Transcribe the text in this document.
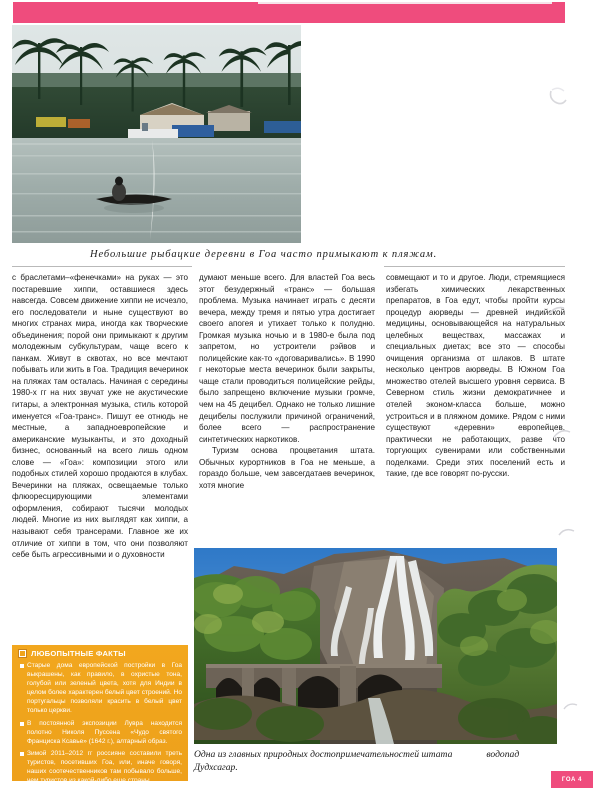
Небольшие рыбацкие деревни в Гоа часто примыкают к пляжам.

с браслетами–«фенечками» на руках — это постаревшие хиппи, оставшиеся здесь навсегда. Совсем движение хиппи не исчезло, его последователи и ныне существуют во многих странах мира, иногда как творческие объединения; порой они примыкают к другим молодежным субкультурам, чаще всего к панкам. Живут в сквотах, но все мечтают побывать или жить в Гоа. Традиция вечеринок на пляжах там осталась. Начиная с середины 1980-х гг на них звучат уже не акустические гитары, а электронная музыка, стиль которой именуется «Гоа-транс». Пишут ее отнюдь не местные, а западноевропейские и американские музыканты, и это доходный бизнес, основанный на всего лишь одном слове — «Гоа»: композиции этого или подобных стилей хорошо продаются в клубах. Вечеринки на пляжах, освещаемые только флюоресцирующими элементами оформления, собирают тысячи молодых людей. Многие из них выглядят как хиппи, а называют себя трансерами. Главное же их отличие от хиппи в том, что они позволяют себе быть агрессивными и о духовности

думают меньше всего. Для властей Гоа весь этот безудержный «транс» — большая проблема. Музыка начинает играть с десяти вечера, между тремя и пятью утра достигает своего апогея и утихает только к полудню. Громкая музыка ночью и в 1980-е была под запретом, но устроители рэйвов и полицейские как-то «договаривались». В 1990 г некоторые места вечеринок были закрыты, чаще стали проводиться полицейские рейды, было запрещено включение музыки громче, чем на 45 децибел. Однако не только лишние децибелы послужили причиной ограничений, более всего — распространение синтетических наркотиков.

Туризм основа процветания штата. Обычных курортников в Гоа не меньше, а гораздо больше, чем завсегдатаев вечеринок, хотя многие

совмещают и то и другое. Люди, стремящиеся избегать химических лекарственных препаратов, в Гоа едут, чтобы пройти курсы процедур аюрведы — древней индийской медицины, основывающейся на натуральных целебных веществах, массажах и специальных диетах; все это — способы очищения организма от шлаков. В штате несколько центров аюрведы. В Южном Гоа множество отелей высшего уровня сервиса. В Северном стиль жизни демократичнее и отелей эконом-класса больше, можно устроиться и в пляжном домике. Рядом с ними существуют «деревни» европейцев, практически не работающих, разве что торгующих сувенирами или собственными поделками. Среди этих поселений есть и такие, где все говорят по-русски.

ЛЮБОПЫТНЫЕ ФАКТЫ
Старые дома европейской постройки в Гоа выкрашены, как правило, в охристые тона, голубой или зеленый цвета, хотя для Индии в целом более характерен белый цвет строений. Но португальцы позволяли красить в белый цвет только церкви.
В постоянной экспозиции Лувра находится полотно Николя Пуссена «Чудо святого Франциска Ксавье» (1642 г.), алтарный образ.
Зимой 2011–2012 гг россияне составили треть туристов, посетивших Гоа, или, иначе говоря, наших соотечественников там побывало больше, чем туристов из какой-либо еще страны.
Одна из главных природных достопримечательностей штата	водопад
Дудхсагар.
ГОА 4
